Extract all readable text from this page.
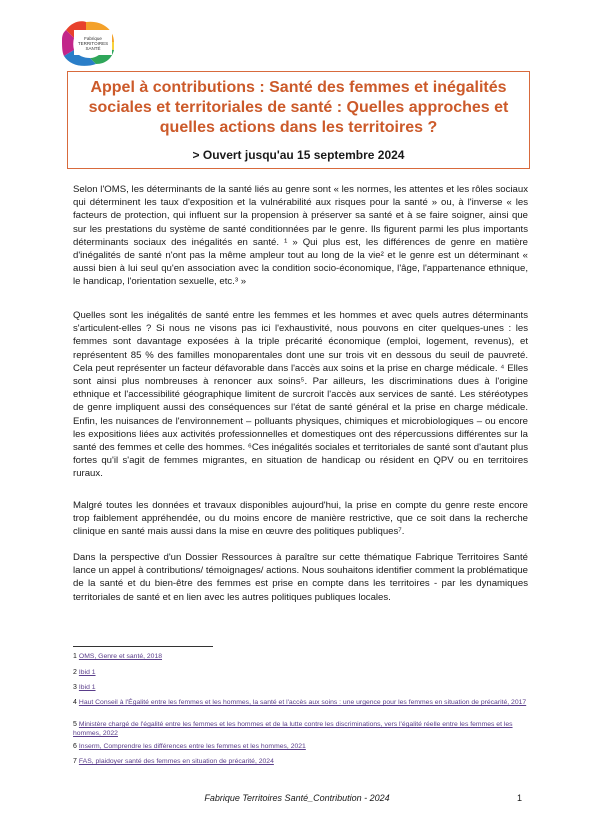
Fabrique
TERRITOIRES
SANTÉ
Appel à contributions : Santé des femmes et inégalités sociales et territoriales de santé : Quelles approches et quelles actions dans les territoires ?
> Ouvert jusqu'au 15 septembre 2024

Selon l'OMS, les déterminants de la santé liés au genre sont « les normes, les attentes et les rôles sociaux qui déterminent les taux d'exposition et la vulnérabilité aux risques pour la santé » ou, à l'inverse « les facteurs de protection, qui influent sur la propension à préserver sa santé et à se faire soigner, ainsi que sur les prestations du système de santé conditionnées par le genre. Ils figurent parmi les plus importants déterminants sociaux des inégalités en santé. ¹ » Qui plus est, les différences de genre en matière d'inégalités de santé n'ont pas la même ampleur tout au long de la vie² et le genre est un déterminant « aussi bien à lui seul qu'en association avec la condition socio-économique, l'âge, l'appartenance ethnique, le handicap, l'orientation sexuelle, etc.³ »

Quelles sont les inégalités de santé entre les femmes et les hommes et avec quels autres déterminants s'articulent-elles ? Si nous ne visons pas ici l'exhaustivité, nous pouvons en citer quelques-unes : les femmes sont davantage exposées à la triple précarité économique (emploi, logement, revenus), et représentent 85 % des familles monoparentales dont une sur trois vit en dessous du seuil de pauvreté. Cela peut représenter un facteur défavorable dans l'accès aux soins et la prise en charge médicale. ⁴ Elles sont ainsi plus nombreuses à renoncer aux soins⁵. Par ailleurs, les discriminations dues à l'origine ethnique et l'accessibilité géographique limitent de surcroit l'accès aux services de santé. Les stéréotypes de genre impliquent aussi des conséquences sur l'état de santé général et la prise en charge médicale. Enfin, les nuisances de l'environnement – polluants physiques, chimiques et microbiologiques – ou encore les expositions liées aux activités professionnelles et domestiques ont des répercussions différentes sur la santé des femmes et celle des hommes. ⁶Ces inégalités sociales et territoriales de santé sont d'autant plus fortes qu'il s'agit de femmes migrantes, en situation de handicap ou résident en QPV ou en territoires ruraux.

Malgré toutes les données et travaux disponibles aujourd'hui, la prise en compte du genre reste encore trop faiblement appréhendée, ou du moins encore de manière restrictive, que ce soit dans la recherche clinique en santé mais aussi dans la mise en œuvre des politiques publiques⁷.

Dans la perspective d'un Dossier Ressources à paraître sur cette thématique Fabrique Territoires Santé lance un appel à contributions/ témoignages/ actions. Nous souhaitons identifier comment la problématique de la santé et du bien-être des femmes est prise en compte dans les territoires - par les dynamiques territoriales de santé et en lien avec les autres politiques publiques locales.

1 OMS, Genre et santé, 2018
2 Ibid 1
3 Ibid 1
4 Haut Conseil à l'Égalité entre les femmes et les hommes, la santé et l'accès aux soins : une urgence pour les femmes en situation de précarité, 2017
5 Ministère chargé de l'égalité entre les femmes et les hommes et de la lutte contre les discriminations, vers l'égalité réelle entre les femmes et les hommes, 2022
6 Inserm, Comprendre les différences entre les femmes et les hommes, 2021
7 FAS, plaidoyer santé des femmes en situation de précarité, 2024
Fabrique Territoires Santé_Contribution - 2024	1
